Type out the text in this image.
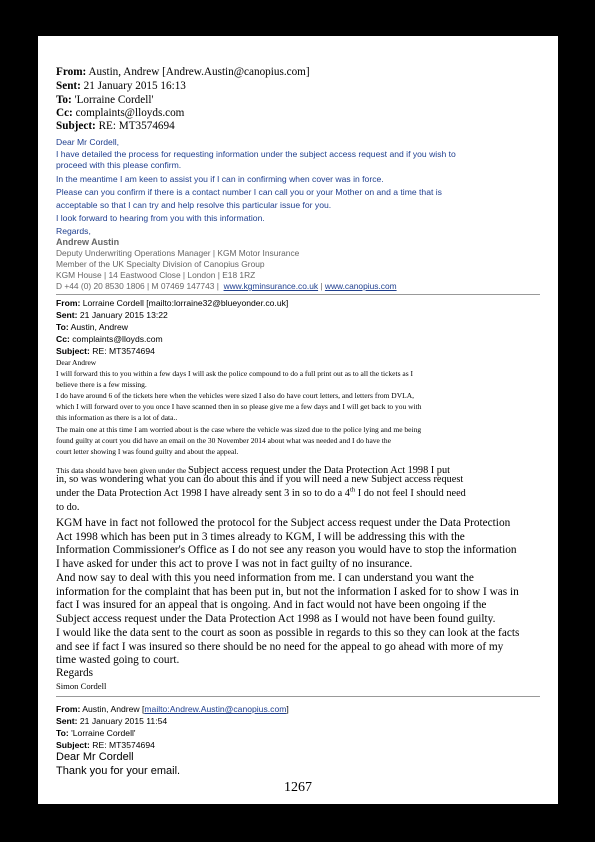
From: Austin, Andrew [Andrew.Austin@canopius.com]
Sent: 21 January 2015 16:13
To: 'Lorraine Cordell'
Cc: complaints@lloyds.com
Subject: RE: MT3574694
Dear Mr Cordell,
I have detailed the process for requesting information under the subject access request and if you wish to
proceed with this please confirm.
In the meantime I am keen to assist you if I can in confirming when cover was in force.
Please can you confirm if there is a contact number I can call you or your Mother on and a time that is
acceptable so that I can try and help resolve this particular issue for you.
I look forward to hearing from you with this information.
Regards,
Andrew Austin
Deputy Underwriting Operations Manager | KGM Motor Insurance
Member of the UK Specialty Division of Canopius Group
KGM House | 14 Eastwood Close | London | E18 1RZ
D +44 (0) 20 8530 1806 | M 07469 147743 | www.kgminsurance.co.uk | www.canopius.com
From: Lorraine Cordell [mailto:lorraine32@blueyonder.co.uk]
Sent: 21 January 2015 13:22
To: Austin, Andrew
Cc: complaints@lloyds.com
Subject: RE: MT3574694
Dear Andrew
I will forward this to you within a few days I will ask the police compound to do a full print out as to all the tickets as I
believe there is a few missing.
I do have around 6 of the tickets here when the vehicles were sized I also do have court letters, and letters from DVLA,
which I will forward over to you once I have scanned then in so please give me a few days and I will get back to you with
this information as there is a lot of data..
The main one at this time I am worried about is the case where the vehicle was sized due to the police lying and me being
found guilty at court you did have an email on the 30 November 2014 about what was needed and I do have the
court letter showing I was found guilty and about the appeal.
This data should have been given under the Subject access request under the Data Protection Act 1998 I put
in, so was wondering what you can do about this and if you will need a new Subject access request
under the Data Protection Act 1998 I have already sent 3 in so to do a 4th I do not feel I should need
to do.
KGM have in fact not followed the protocol for the Subject access request under the Data Protection
Act 1998 which has been put in 3 times already to KGM, I will be addressing this with the
Information Commissioner's Office as I do not see any reason you would have to stop the information
I have asked for under this act to prove I was not in fact guilty of no insurance.
And now say to deal with this you need information from me. I can understand you want the
information for the complaint that has been put in, but not the information I asked for to show I was in
fact I was insured for an appeal that is ongoing. And in fact would not have been ongoing if the
Subject access request under the Data Protection Act 1998 as I would not have been found guilty.
I would like the data sent to the court as soon as possible in regards to this so they can look at the facts
and see if fact I was insured so there should be no need for the appeal to go ahead with more of my
time wasted going to court.
Regards
Simon Cordell
From: Austin, Andrew [mailto:Andrew.Austin@canopius.com]
Sent: 21 January 2015 11:54
To: 'Lorraine Cordell'
Subject: RE: MT3574694
Dear Mr Cordell
Thank you for your email.
1267
